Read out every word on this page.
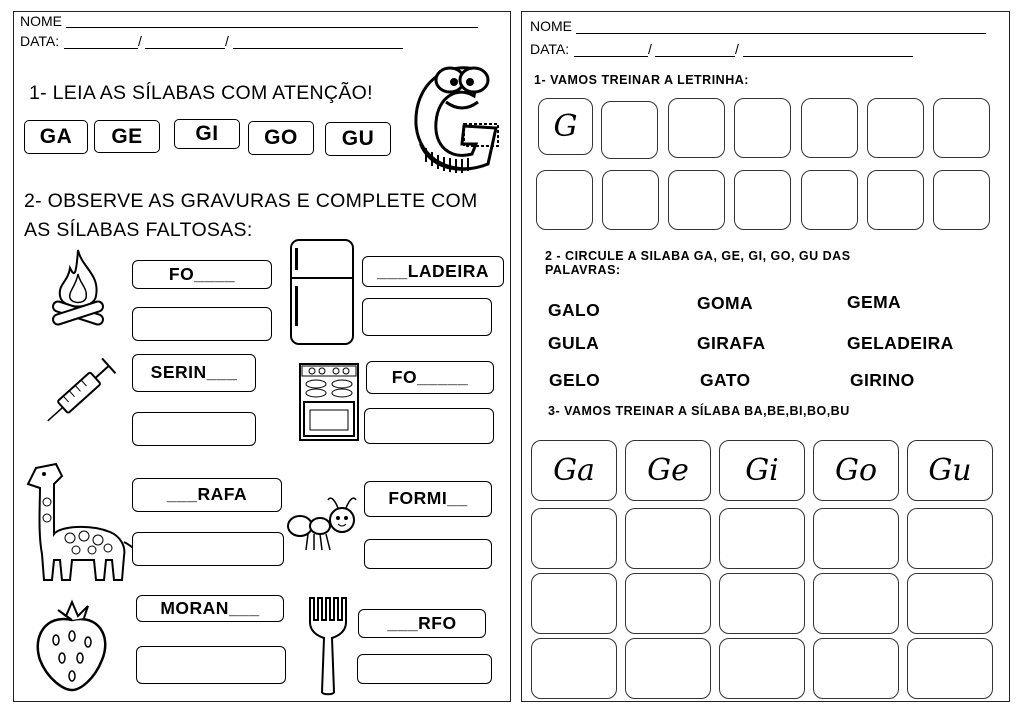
NOME
DATA:	/	/
1- LEIA AS SÍLABAS COM ATENÇÃO!
GA	GE	GI	GO	GU
2- OBSERVE AS GRAVURAS E COMPLETE COM
AS SÍLABAS FALTOSAS:
FO____	___LADEIRA
SERIN___	FO_____
___RAFA	FORMI__
MORAN___
___RFO
NOME
DATA:	/	/
1- VAMOS TREINAR A LETRINHA:
G
2 - CIRCULE A SILABA GA, GE, GI, GO, GU DAS
PALAVRAS:
GALO	GOMA	GEMA
GULA	GIRAFA	GELADEIRA
GELO	GATO	GIRINO
3- VAMOS TREINAR A SÍLABA BA,BE,BI,BO,BU
Ga	Ge	Gi	Go	Gu
